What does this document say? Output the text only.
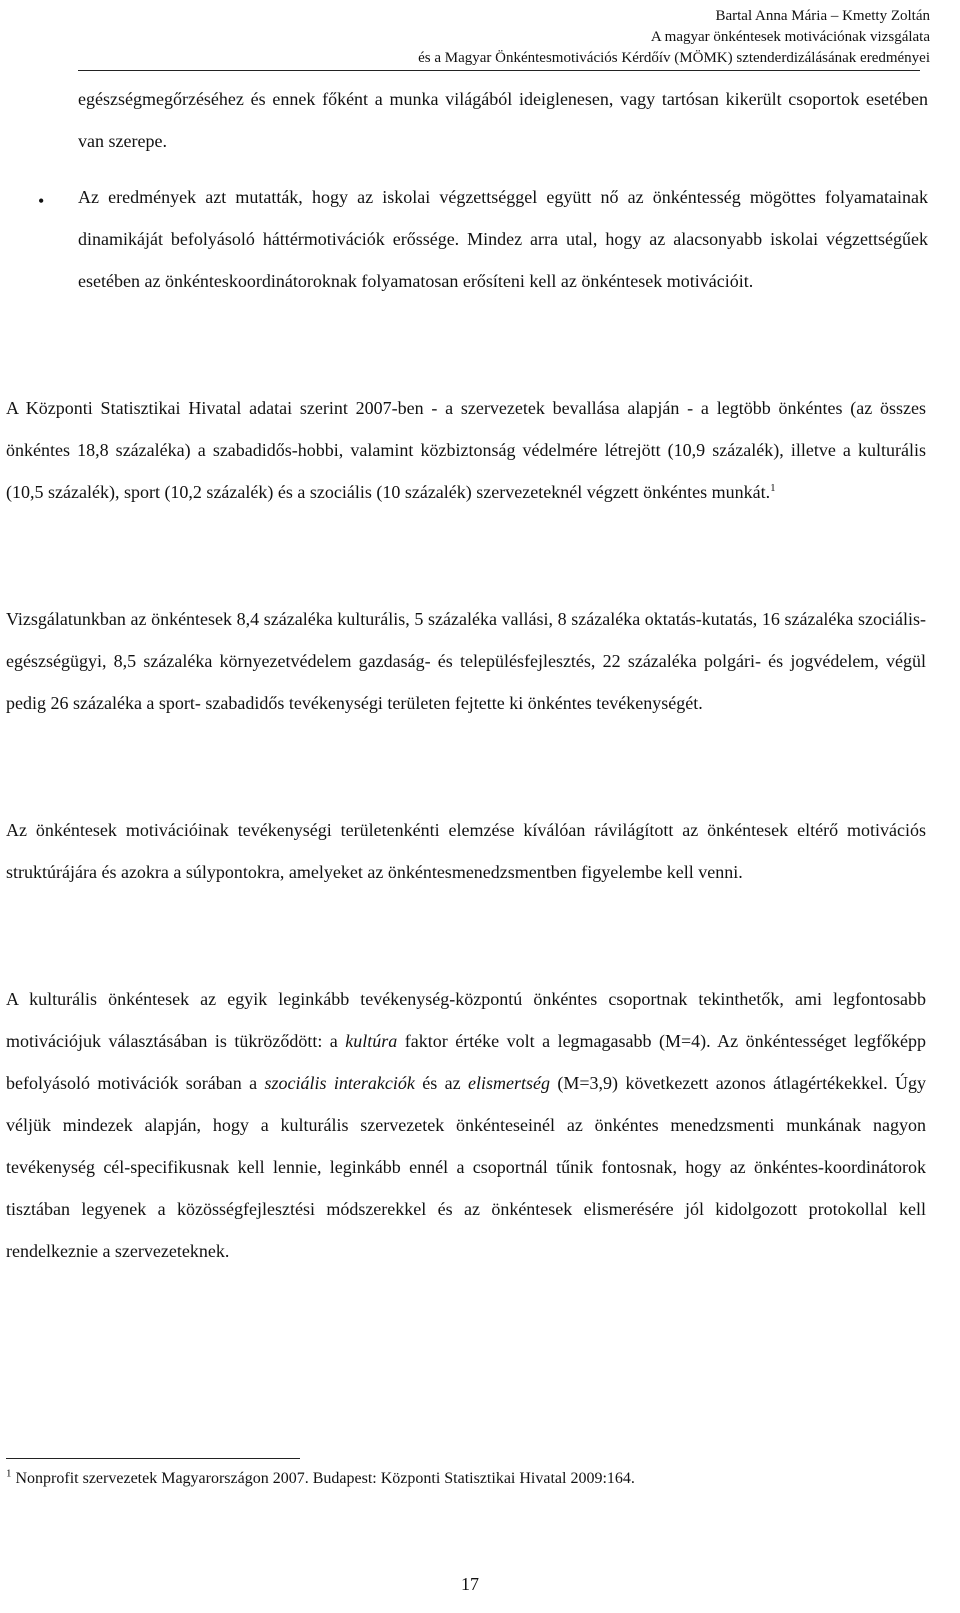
Bartal Anna Mária – Kmetty Zoltán
A magyar önkéntesek motivációnak vizsgálata
és a Magyar Önkéntesmotivációs Kérdőív (MÖMK) sztenderdizálásának eredményei

egészségmegőrzéséhez és ennek főként a munka világából ideiglenesen, vagy tartósan kikerült csoportok esetében van szerepe.

• Az eredmények azt mutatták, hogy az iskolai végzettséggel együtt nő az önkéntesség mögöttes folyamatainak dinamikáját befolyásoló háttérmotivációk erőssége. Mindez arra utal, hogy az alacsonyabb iskolai végzettségűek esetében az önkénteskoordinátoroknak folyamatosan erősíteni kell az önkéntesek motivációit.

A Központi Statisztikai Hivatal adatai szerint 2007-ben - a szervezetek bevallása alapján - a legtöbb önkéntes (az összes önkéntes 18,8 százaléka) a szabadidős-hobbi, valamint közbiztonság védelmére létrejött (10,9 százalék), illetve a kulturális (10,5 százalék), sport (10,2 százalék) és a szociális (10 százalék) szervezeteknél végzett önkéntes munkát.$^1$

Vizsgálatunkban az önkéntesek 8,4 százaléka kulturális, 5 százaléka vallási, 8 százaléka oktatás-kutatás, 16 százaléka szociális-egészségügyi, 8,5 százaléka környezetvédelem gazdaság- és településfejlesztés, 22 százaléka polgári- és jogvédelem, végül pedig 26 százaléka a sport- szabadidős tevékenységi területen fejtette ki önkéntes tevékenységét.

Az önkéntesek motivációinak tevékenységi területenkénti elemzése kíválóan rávilágított az önkéntesek eltérő motivációs struktúrájára és azokra a súlypontokra, amelyeket az önkéntesmenedzsmentben figyelembe kell venni.

A kulturális önkéntesek az egyik leginkább tevékenység-központú önkéntes csoportnak tekinthetők, ami legfontosabb motivációjuk választásában is tükröződött: a kultúra faktor értéke volt a legmagasabb (M=4). Az önkéntességet legfőképp befolyásoló motivációk sorában a szociális interakciók és az elismertség (M=3,9) következett azonos átlagértékekkel. Úgy véljük mindezek alapján, hogy a kulturális szervezetek önkénteseinél az önkéntes menedzsmenti munkának nagyon tevékenység cél-specifikusnak kell lennie, leginkább ennél a csoportnál tűnik fontosnak, hogy az önkéntes-koordinátorok tisztában legyenek a közösségfejlesztési módszerekkel és az önkéntesek elismerésére jól kidolgozott protokollal kell rendelkeznie a szervezeteknek.

$^1$ Nonprofit szervezetek Magyarországon 2007. Budapest: Központi Statisztikai Hivatal 2009:164.
17
